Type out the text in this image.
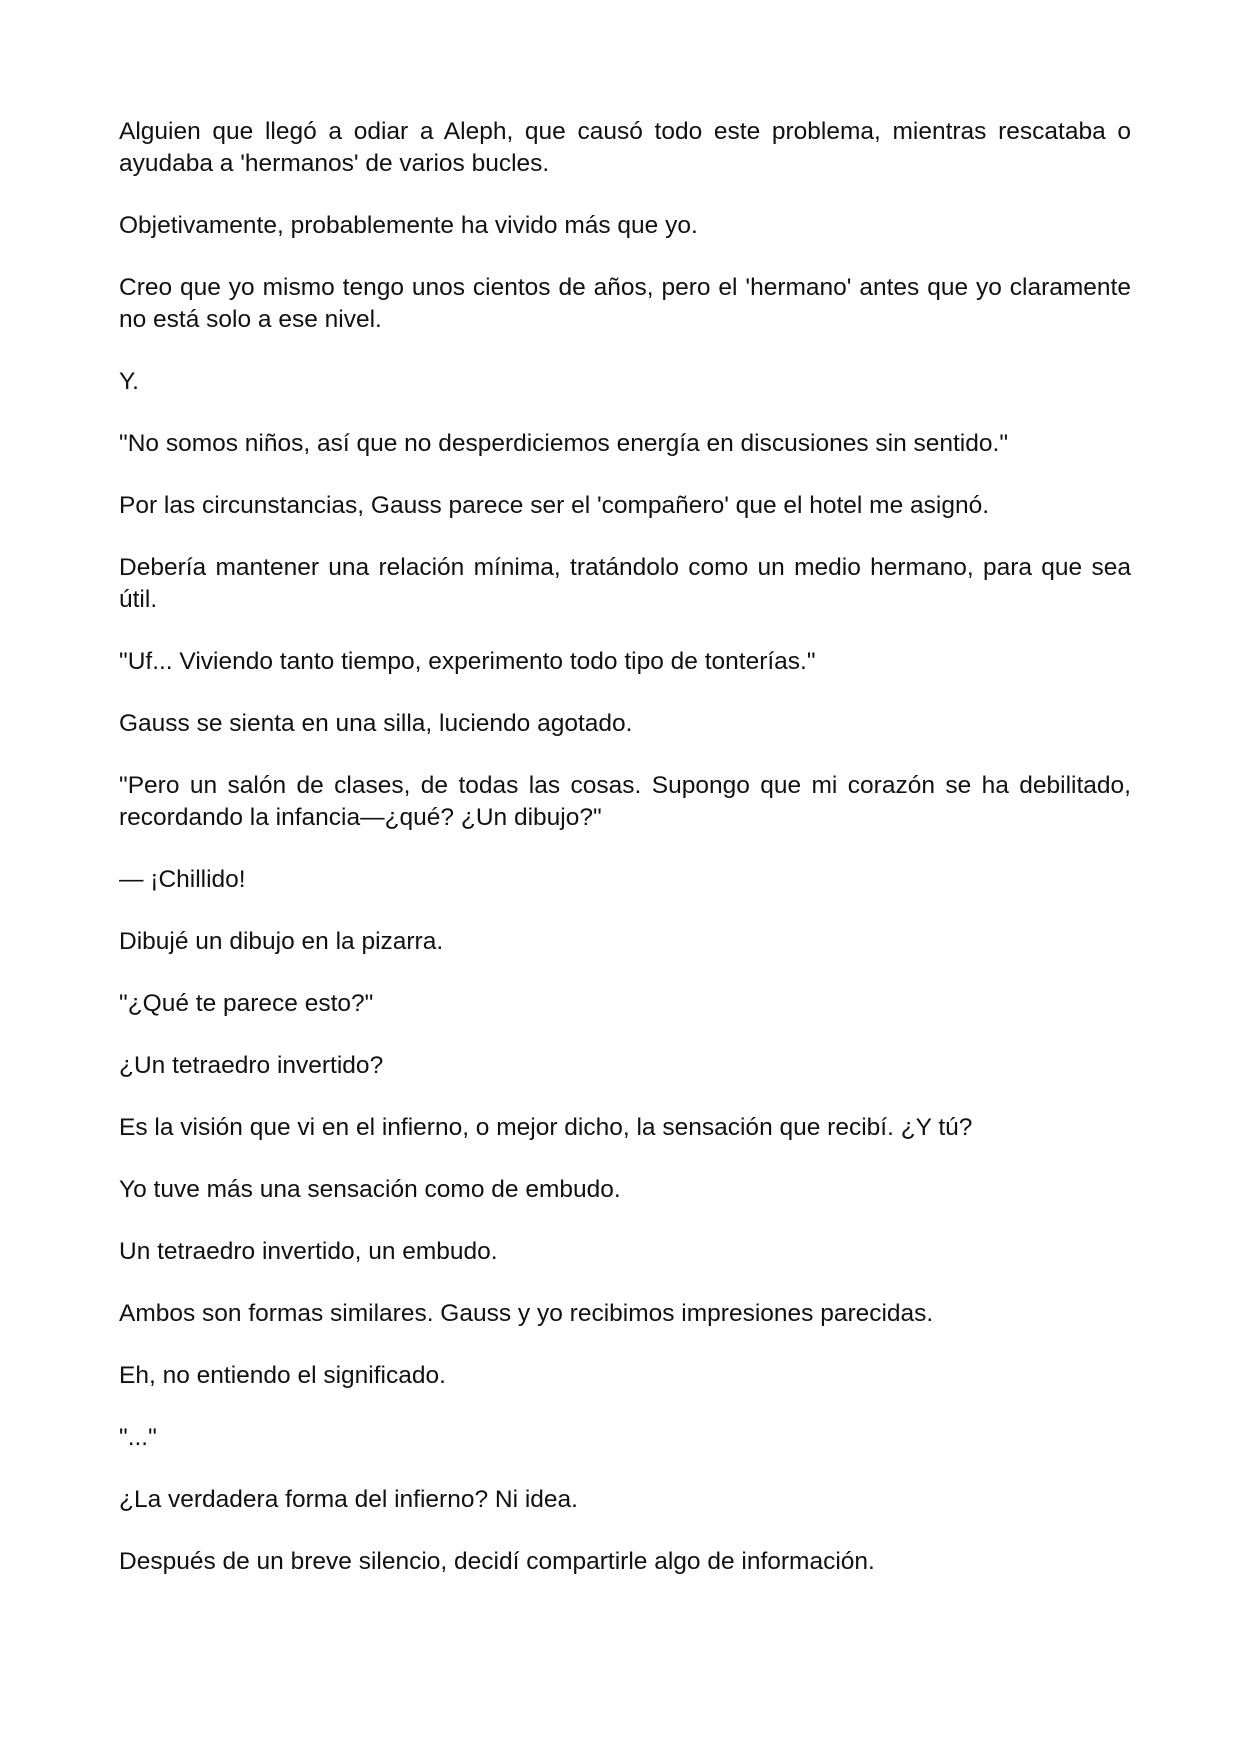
Alguien que llegó a odiar a Aleph, que causó todo este problema, mientras rescataba o ayudaba a 'hermanos' de varios bucles.

Objetivamente, probablemente ha vivido más que yo.

Creo que yo mismo tengo unos cientos de años, pero el 'hermano' antes que yo claramente no está solo a ese nivel.

Y.

"No somos niños, así que no desperdiciemos energía en discusiones sin sentido."

Por las circunstancias, Gauss parece ser el 'compañero' que el hotel me asignó.

Debería mantener una relación mínima, tratándolo como un medio hermano, para que sea útil.

"Uf... Viviendo tanto tiempo, experimento todo tipo de tonterías."

Gauss se sienta en una silla, luciendo agotado.

"Pero un salón de clases, de todas las cosas. Supongo que mi corazón se ha debilitado, recordando la infancia—¿qué? ¿Un dibujo?"

— ¡Chillido!

Dibujé un dibujo en la pizarra.

"¿Qué te parece esto?"

¿Un tetraedro invertido?

Es la visión que vi en el infierno, o mejor dicho, la sensación que recibí. ¿Y tú?

Yo tuve más una sensación como de embudo.

Un tetraedro invertido, un embudo.

Ambos son formas similares. Gauss y yo recibimos impresiones parecidas.

Eh, no entiendo el significado.

"..."

¿La verdadera forma del infierno? Ni idea.

Después de un breve silencio, decidí compartirle algo de información.
